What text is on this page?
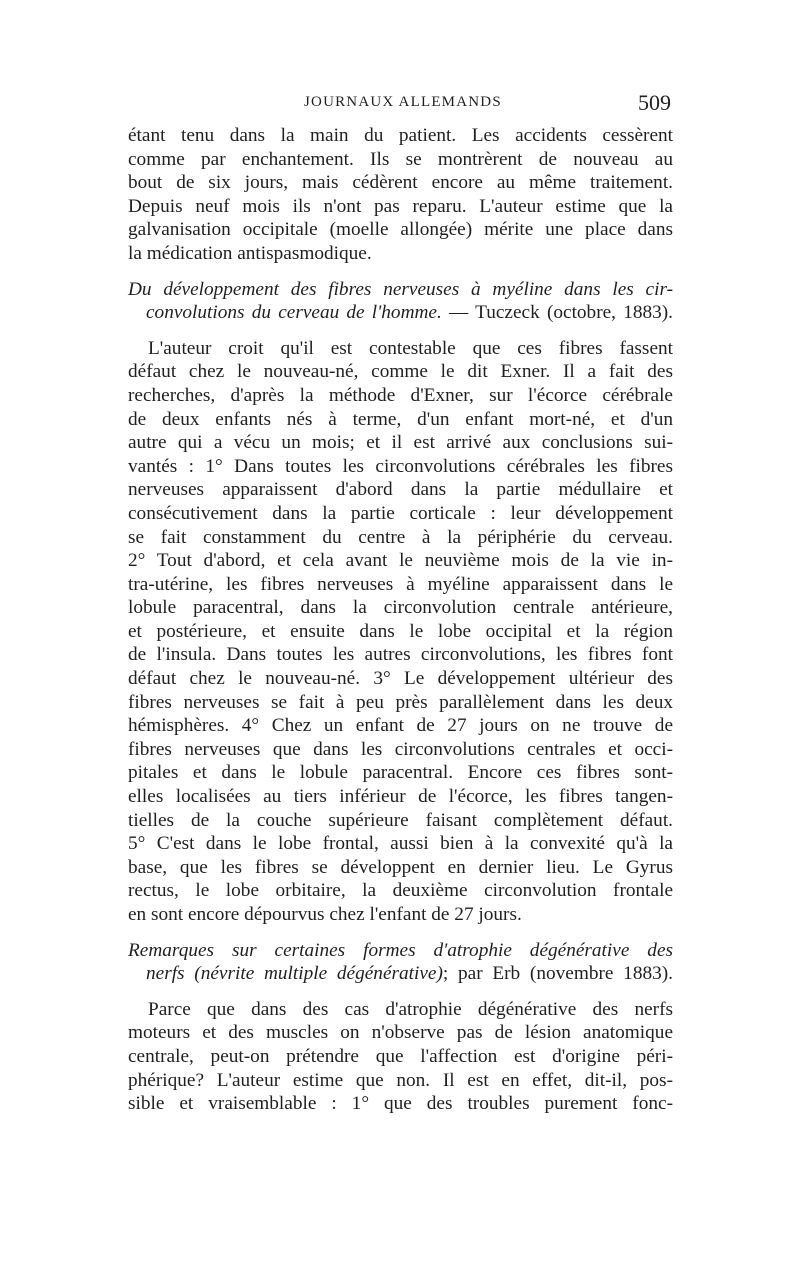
JOURNAUX ALLEMANDS	509
étant tenu dans la main du patient. Les accidents cessèrent
comme par enchantement. Ils se montrèrent de nouveau au
bout de six jours, mais cédèrent encore au même traitement.
Depuis neuf mois ils n'ont pas reparu. L'auteur estime que la
galvanisation occipitale (moelle allongée) mérite une place dans
la médication antispasmodique.
Du développement des fibres nerveuses à myéline dans les cir-
convolutions du cerveau de l'homme. — Tuczeck (octobre, 1883).
L'auteur croit qu'il est contestable que ces fibres fassent
défaut chez le nouveau-né, comme le dit Exner. Il a fait des
recherches, d'après la méthode d'Exner, sur l'écorce cérébrale
de deux enfants nés à terme, d'un enfant mort-né, et d'un
autre qui a vécu un mois; et il est arrivé aux conclusions sui-
vantés : 1° Dans toutes les circonvolutions cérébrales les fibres
nerveuses apparaissent d'abord dans la partie médullaire et
consécutivement dans la partie corticale : leur développement
se fait constamment du centre à la périphérie du cerveau.
2° Tout d'abord, et cela avant le neuvième mois de la vie in-
tra-utérine, les fibres nerveuses à myéline apparaissent dans le
lobule paracentral, dans la circonvolution centrale antérieure,
et postérieure, et ensuite dans le lobe occipital et la région
de l'insula. Dans toutes les autres circonvolutions, les fibres font
défaut chez le nouveau-né. 3° Le développement ultérieur des
fibres nerveuses se fait à peu près parallèlement dans les deux
hémisphères. 4° Chez un enfant de 27 jours on ne trouve de
fibres nerveuses que dans les circonvolutions centrales et occi-
pitales et dans le lobule paracentral. Encore ces fibres sont-
elles localisées au tiers inférieur de l'écorce, les fibres tangen-
tielles de la couche supérieure faisant complètement défaut.
5° C'est dans le lobe frontal, aussi bien à la convexité qu'à la
base, que les fibres se développent en dernier lieu. Le Gyrus
rectus, le lobe orbitaire, la deuxième circonvolution frontale
en sont encore dépourvus chez l'enfant de 27 jours.
Remarques sur certaines formes d'atrophie dégénérative des
nerfs (névrite multiple dégénérative); par Erb (novembre 1883).
Parce que dans des cas d'atrophie dégénérative des nerfs
moteurs et des muscles on n'observe pas de lésion anatomique
centrale, peut-on prétendre que l'affection est d'origine péri-
phérique? L'auteur estime que non. Il est en effet, dit-il, pos-
sible et vraisemblable : 1° que des troubles purement fonc-
